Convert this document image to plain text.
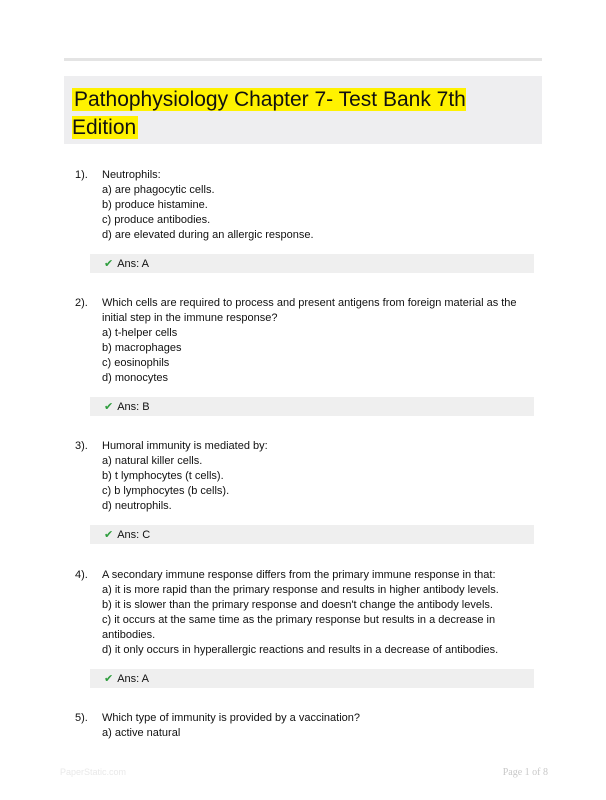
Pathophysiology Chapter 7- Test Bank 7th Edition
1). Neutrophils:
a) are phagocytic cells.
b) produce histamine.
c) produce antibodies.
d) are elevated during an allergic response.
✔ Ans: A
2). Which cells are required to process and present antigens from foreign material as the initial step in the immune response?
a) t-helper cells
b) macrophages
c) eosinophils
d) monocytes
✔ Ans: B
3). Humoral immunity is mediated by:
a) natural killer cells.
b) t lymphocytes (t cells).
c) b lymphocytes (b cells).
d) neutrophils.
✔ Ans: C
4). A secondary immune response differs from the primary immune response in that:
a) it is more rapid than the primary response and results in higher antibody levels.
b) it is slower than the primary response and doesn't change the antibody levels.
c) it occurs at the same time as the primary response but results in a decrease in antibodies.
d) it only occurs in hyperallergic reactions and results in a decrease of antibodies.
✔ Ans: A
5). Which type of immunity is provided by a vaccination?
a) active natural
PaperStatic.com	Page 1 of 8
